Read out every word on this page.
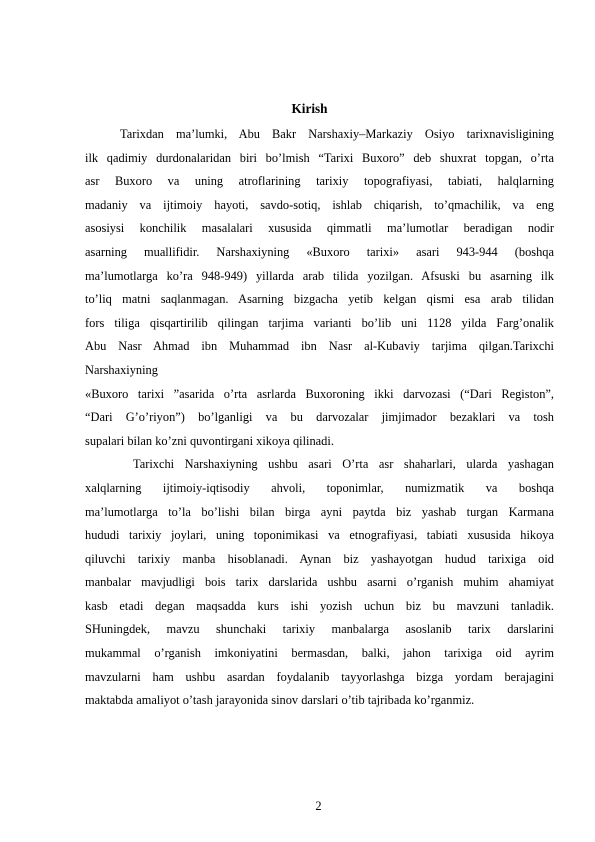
Kirish
Tarixdan ma’lumki, Abu Bakr Narshaxiy–Markaziy Osiyo tarixnavisligining
ilk qadimiy durdonalaridan biri bo’lmish “Tarixi Buxoro” deb shuxrat topgan, o’rta
asr Buxoro va uning atroflarining tarixiy topografiyasi, tabiati, halqlarning
madaniy va ijtimoiy hayoti, savdo-sotiq, ishlab chiqarish, to’qmachilik, va eng
asosiysi konchilik masalalari xususida qimmatli ma’lumotlar beradigan nodir
asarning muallifidir. Narshaxiyning «Buxoro tarixi» asari 943-944 (boshqa
ma’lumotlarga ko’ra 948-949) yillarda arab tilida yozilgan. Afsuski bu asarning ilk
to’liq matni saqlanmagan. Asarning bizgacha yetib kelgan qismi esa arab tilidan
fors tiliga qisqartirilib qilingan tarjima varianti bo’lib uni 1128 yilda Farg’onalik
Abu Nasr Ahmad ibn Muhammad ibn Nasr al-Kubaviy tarjima qilgan.Tarixchi
Narshaxiyning
«Buxoro tarixi ”asarida o’rta asrlarda Buxoroning ikki darvozasi (“Dari Registon”,
“Dari G’o’riyon”) bo’lganligi va bu darvozalar jimjimador bezaklari va tosh
supalari bilan ko’zni quvontirgani xikoya qilinadi.
Tarixchi Narshaxiyning ushbu asari O’rta asr shaharlari, ularda yashagan
xalqlarning ijtimoiy-iqtisodiy ahvoli, toponimlar, numizmatik va boshqa
ma’lumotlarga to’la bo’lishi bilan birga ayni paytda biz yashab turgan Karmana
hududi tarixiy joylari, uning toponimikasi va etnografiyasi, tabiati xususida hikoya
qiluvchi tarixiy manba hisoblanadi. Aynan biz yashayotgan hudud tarixiga oid
manbalar mavjudligi bois tarix darslarida ushbu asarni o’rganish muhim ahamiyat
kasb etadi degan maqsadda kurs ishi yozish uchun biz bu mavzuni tanladik.
SHuningdek, mavzu shunchaki tarixiy manbalarga asoslanib tarix darslarini
mukammal o’rganish imkoniyatini bermasdan, balki, jahon tarixiga oid ayrim
mavzularni ham ushbu asardan foydalanib tayyorlashga bizga yordam berajagini
maktabda amaliyot o’tash jarayonida sinov darslari o’tib tajribada ko’rganmiz.
2
